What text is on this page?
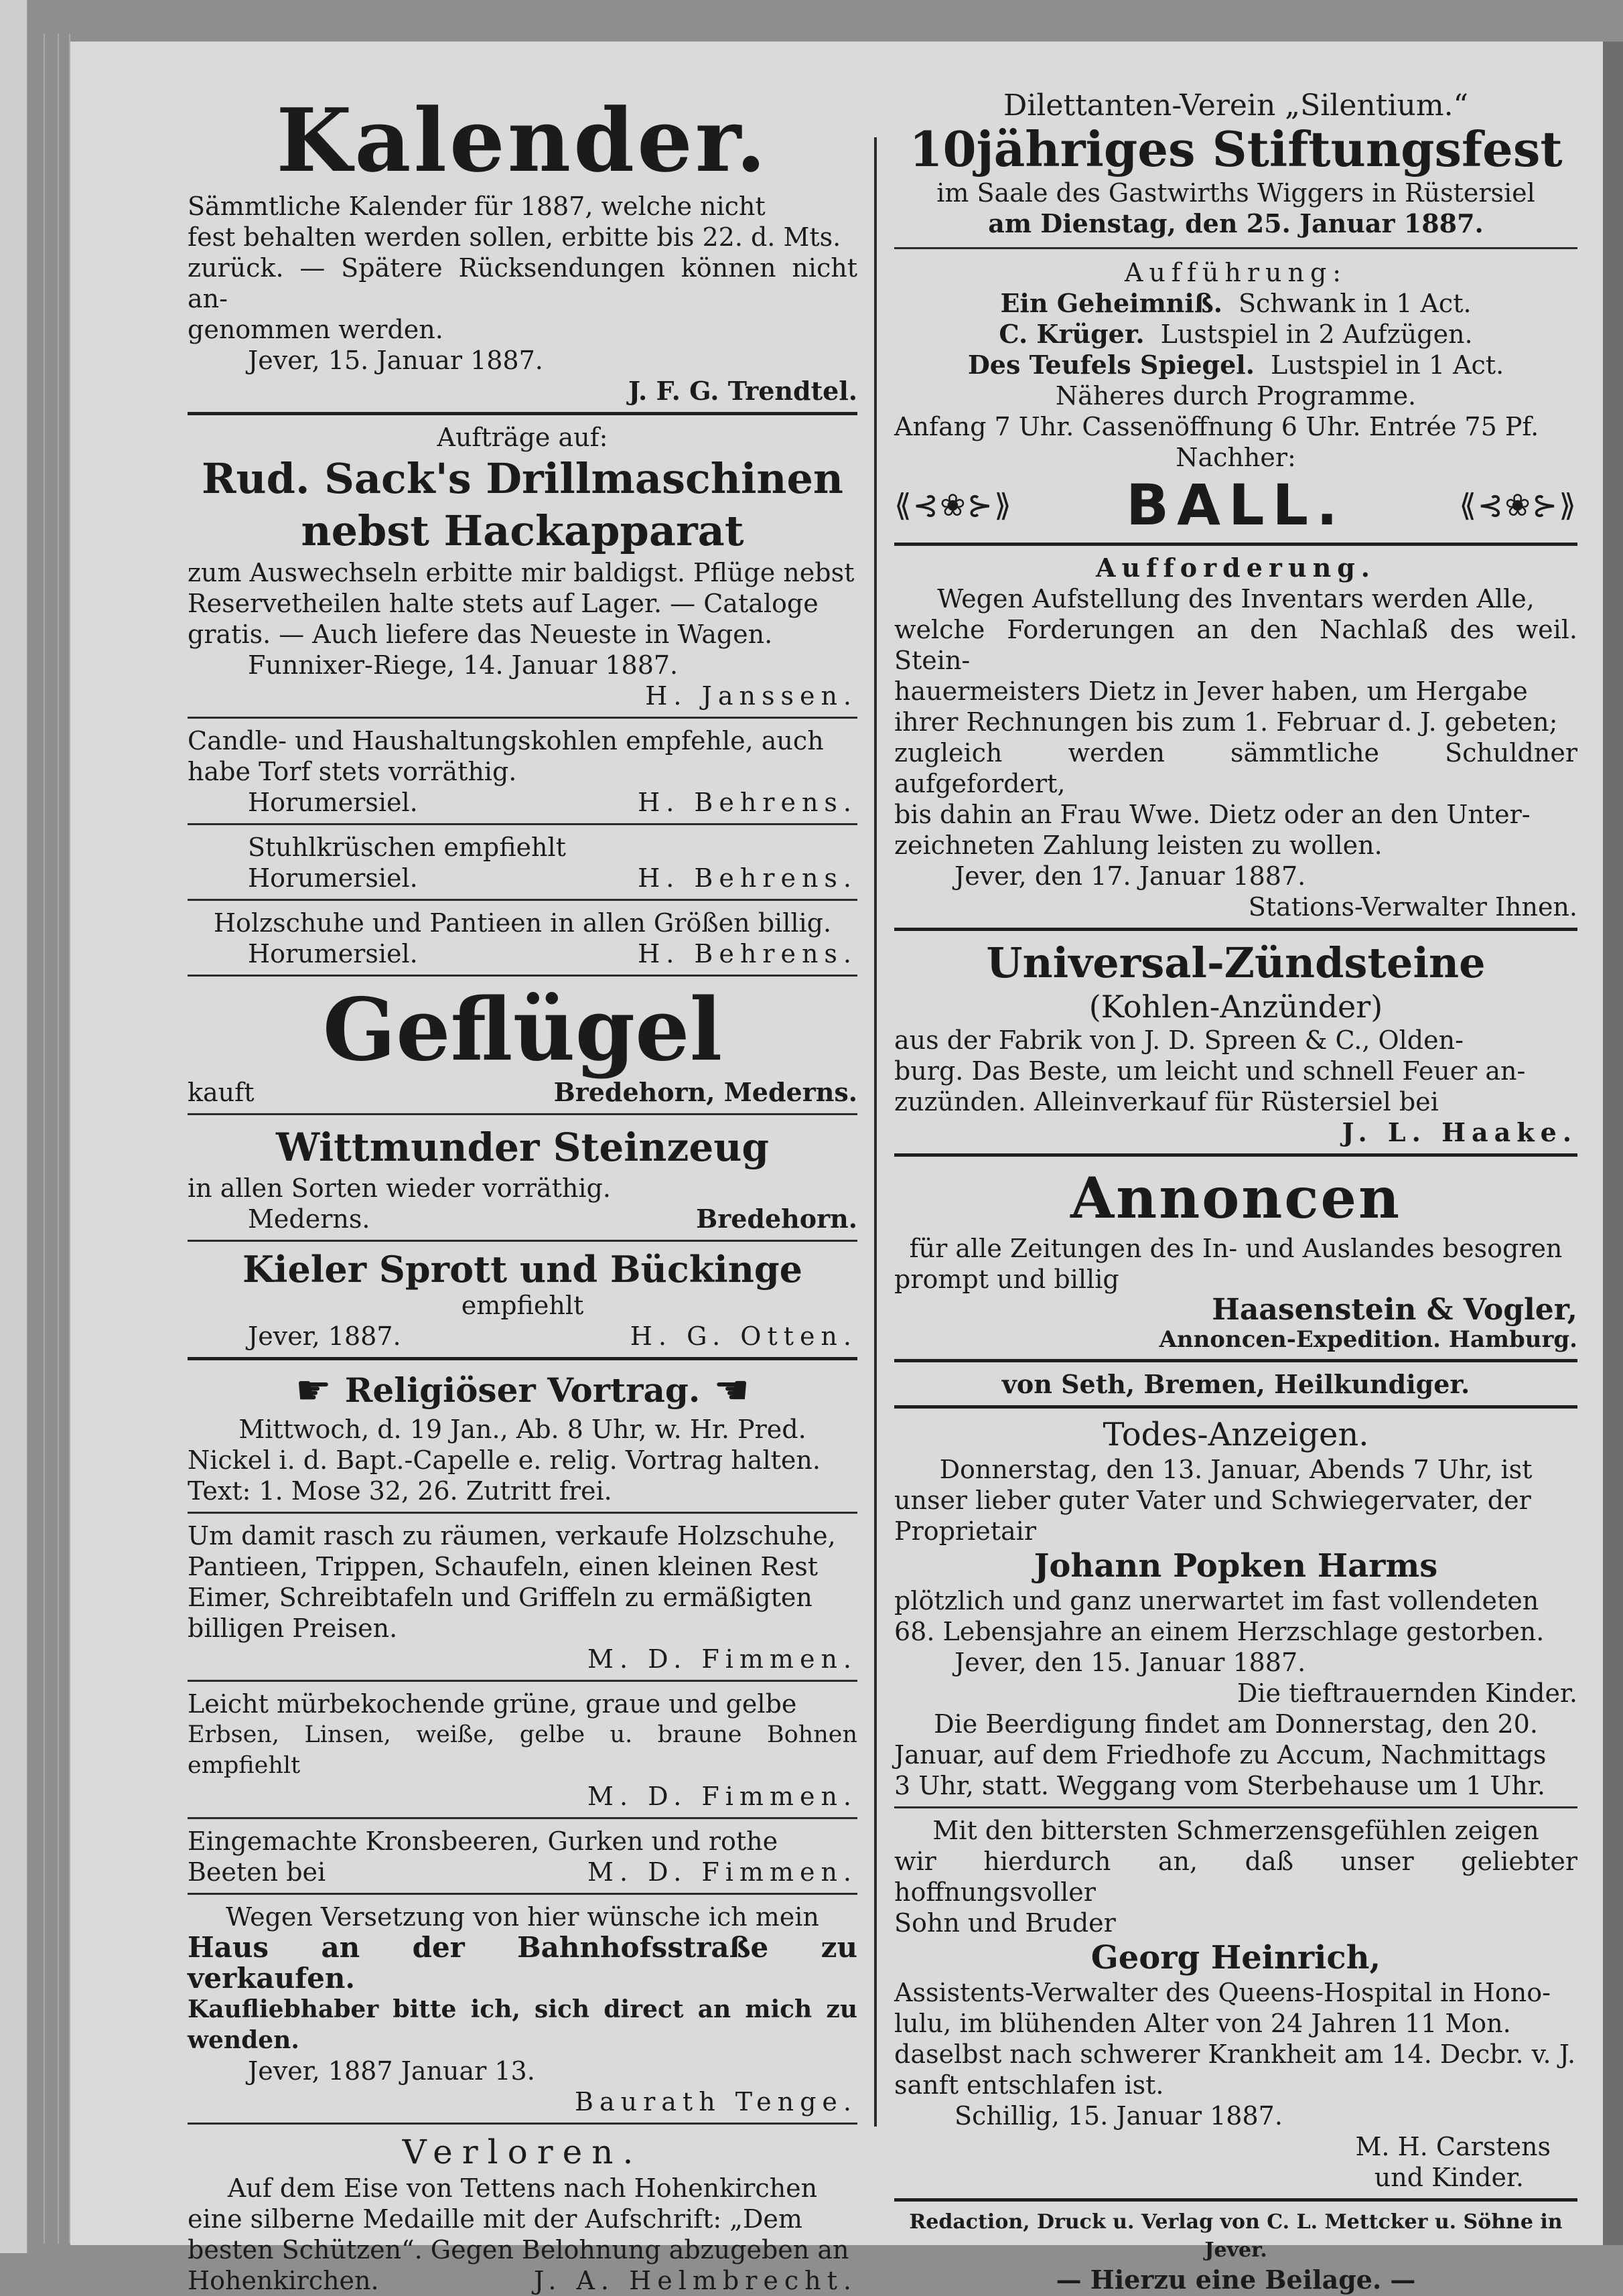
Kalender.

Sämmtliche Kalender für 1887, welche nicht

fest behalten werden sollen, erbitte bis 22. d. Mts.

zurück. — Spätere Rücksendungen können nicht an-

genommen werden.

Jever, 15. Januar 1887.

J. F. G. Trendtel.

Aufträge auf:

Rud. Sack's Drillmaschinen

nebst Hackapparat

zum Auswechseln erbitte mir baldigst. Pflüge nebst

Reservetheilen halte stets auf Lager. — Cataloge

gratis. — Auch liefere das Neueste in Wagen.

Funnixer-Riege, 14. Januar 1887.

H. Janssen.

Candle- und Haushaltungskohlen empfehle, auch

habe Torf stets vorräthig.

Horumersiel.	H. Behrens.

Stuhlkrüschen empfiehlt

Horumersiel.	H. Behrens.

Holzschuhe und Pantieen in allen Größen billig.

Horumersiel.	H. Behrens.

Geflügel

kauft	Bredehorn, Mederns.

Wittmunder Steinzeug

in allen Sorten wieder vorräthig.

Mederns.	Bredehorn.

Kieler Sprott und Bückinge

empfiehlt

Jever, 1887.	H. G. Otten.
☛ Religiöser Vortrag. ☚

Mittwoch, d. 19 Jan., Ab. 8 Uhr, w. Hr. Pred.

Nickel i. d. Bapt.-Capelle e. relig. Vortrag halten.

Text: 1. Mose 32, 26. Zutritt frei.

Um damit rasch zu räumen, verkaufe Holzschuhe,

Pantieen, Trippen, Schaufeln, einen kleinen Rest

Eimer, Schreibtafeln und Griffeln zu ermäßigten

billigen Preisen.

M. D. Fimmen.

Leicht mürbekochende grüne, graue und gelbe

Erbsen, Linsen, weiße, gelbe u. braune Bohnen empfiehlt

M. D. Fimmen.

Eingemachte Kronsbeeren, Gurken und rothe

Beeten bei	M. D. Fimmen.

Wegen Versetzung von hier wünsche ich mein

Haus an der Bahnhofsstraße zu verkaufen.

Kaufliebhaber bitte ich, sich direct an mich zu wenden.

Jever, 1887 Januar 13.

Baurath Tenge.

Verloren.

Auf dem Eise von Tettens nach Hohenkirchen

eine silberne Medaille mit der Aufschrift: „Dem

besten Schützen“. Gegen Belohnung abzugeben an

Hohenkirchen.	J. A. Helmbrecht.

Dilettanten-Verein „Silentium.“

10jähriges Stiftungsfest

im Saale des Gastwirths Wiggers in Rüstersiel

am Dienstag, den 25. Januar 1887.

Aufführung:

Ein Geheimniß. Schwank in 1 Act.
C. Krüger. Lustspiel in 2 Aufzügen.
Des Teufels Spiegel. Lustspiel in 1 Act.

Näheres durch Programme.

Anfang 7 Uhr. Cassenöffnung 6 Uhr. Entrée 75 Pf.

Nachher:

⟪⊰❀⊱⟫ BALL.	⟪⊰❀⊱⟫

Aufforderung.

Wegen Aufstellung des Inventars werden Alle,

welche Forderungen an den Nachlaß des weil. Stein-

hauermeisters Dietz in Jever haben, um Hergabe

ihrer Rechnungen bis zum 1. Februar d. J. gebeten;

zugleich werden sämmtliche Schuldner aufgefordert,

bis dahin an Frau Wwe. Dietz oder an den Unter-

zeichneten Zahlung leisten zu wollen.

Jever, den 17. Januar 1887.

Stations-Verwalter Ihnen.

Universal-Zündsteine

(Kohlen-Anzünder)

aus der Fabrik von J. D. Spreen & C., Olden-

burg. Das Beste, um leicht und schnell Feuer an-

zuzünden. Alleinverkauf für Rüstersiel bei

J. L. Haake.

Annoncen

für alle Zeitungen des In- und Auslandes besogren

prompt und billig

Haasenstein & Vogler,

Annoncen-Expedition. Hamburg.

von Seth, Bremen, Heilkundiger.

Todes-Anzeigen.

Donnerstag, den 13. Januar, Abends 7 Uhr, ist

unser lieber guter Vater und Schwiegervater, der

Proprietair

Johann Popken Harms

plötzlich und ganz unerwartet im fast vollendeten

68. Lebensjahre an einem Herzschlage gestorben.

Jever, den 15. Januar 1887.

Die tieftrauernden Kinder.

Die Beerdigung findet am Donnerstag, den 20.

Januar, auf dem Friedhofe zu Accum, Nachmittags

3 Uhr, statt. Weggang vom Sterbehause um 1 Uhr.

Mit den bittersten Schmerzensgefühlen zeigen

wir hierdurch an, daß unser geliebter hoffnungsvoller

Sohn und Bruder

Georg Heinrich,

Assistents-Verwalter des Queens-Hospital in Hono-

lulu, im blühenden Alter von 24 Jahren 11 Mon.

daselbst nach schwerer Krankheit am 14. Decbr. v. J.

sanft entschlafen ist.

Schillig, 15. Januar 1887.

M. H. Carstens

und Kinder.

Redaction, Druck u. Verlag von C. L. Mettcker u. Söhne in Jever.

— Hierzu eine Beilage. —
